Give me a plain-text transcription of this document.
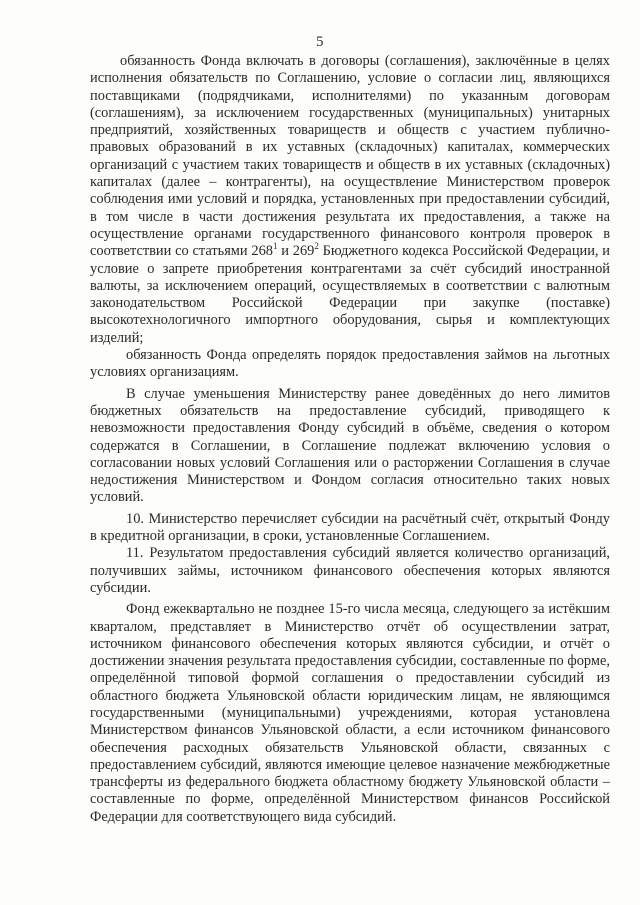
5

обязанность Фонда включать в договоры (соглашения), заключённые в целях исполнения обязательств по Соглашению, условие о согласии лиц, являющихся поставщиками (подрядчиками, исполнителями) по указанным договорам (соглашениям), за исключением государственных (муниципальных) унитарных предприятий, хозяйственных товариществ и обществ с участием публично-правовых образований в их уставных (складочных) капиталах, коммерческих организаций с участием таких товариществ и обществ в их уставных (складочных) капиталах (далее – контрагенты), на осуществление Министерством проверок соблюдения ими условий и порядка, установленных при предоставлении субсидий, в том числе в части достижения результата их предоставления, а также на осуществление органами государственного финансового контроля проверок в соответствии со статьями $268^1$ и $269^2$ Бюджетного кодекса Российской Федерации, и условие о запрете приобретения контрагентами за счёт субсидий иностранной валюты, за исключением операций, осуществляемых в соответствии с валютным законодательством Российской Федерации при закупке (поставке) высокотехнологичного импортного оборудования, сырья и комплектующих изделий;

обязанность Фонда определять порядок предоставления займов на льготных условиях организациям.

В случае уменьшения Министерству ранее доведённых до него лимитов бюджетных обязательств на предоставление субсидий, приводящего к невозможности предоставления Фонду субсидий в объёме, сведения о котором содержатся в Соглашении, в Соглашение подлежат включению условия о согласовании новых условий Соглашения или о расторжении Соглашения в случае недостижения Министерством и Фондом согласия относительно таких новых условий.

10. Министерство перечисляет субсидии на расчётный счёт, открытый Фонду в кредитной организации, в сроки, установленные Соглашением.

11. Результатом предоставления субсидий является количество организаций, получивших займы, источником финансового обеспечения которых являются субсидии.

Фонд ежеквартально не позднее 15-го числа месяца, следующего за истёкшим кварталом, представляет в Министерство отчёт об осуществлении затрат, источником финансового обеспечения которых являются субсидии, и отчёт о достижении значения результата предоставления субсидии, составленные по форме, определённой типовой формой соглашения о предоставлении субсидий из областного бюджета Ульяновской области юридическим лицам, не являющимся государственными (муниципальными) учреждениями, которая установлена Министерством финансов Ульяновской области, а если источником финансового обеспечения расходных обязательств Ульяновской области, связанных с предоставлением субсидий, являются имеющие целевое назначение межбюджетные трансферты из федерального бюджета областному бюджету Ульяновской области – составленные по форме, определённой Министерством финансов Российской Федерации для соответствующего вида субсидий.
